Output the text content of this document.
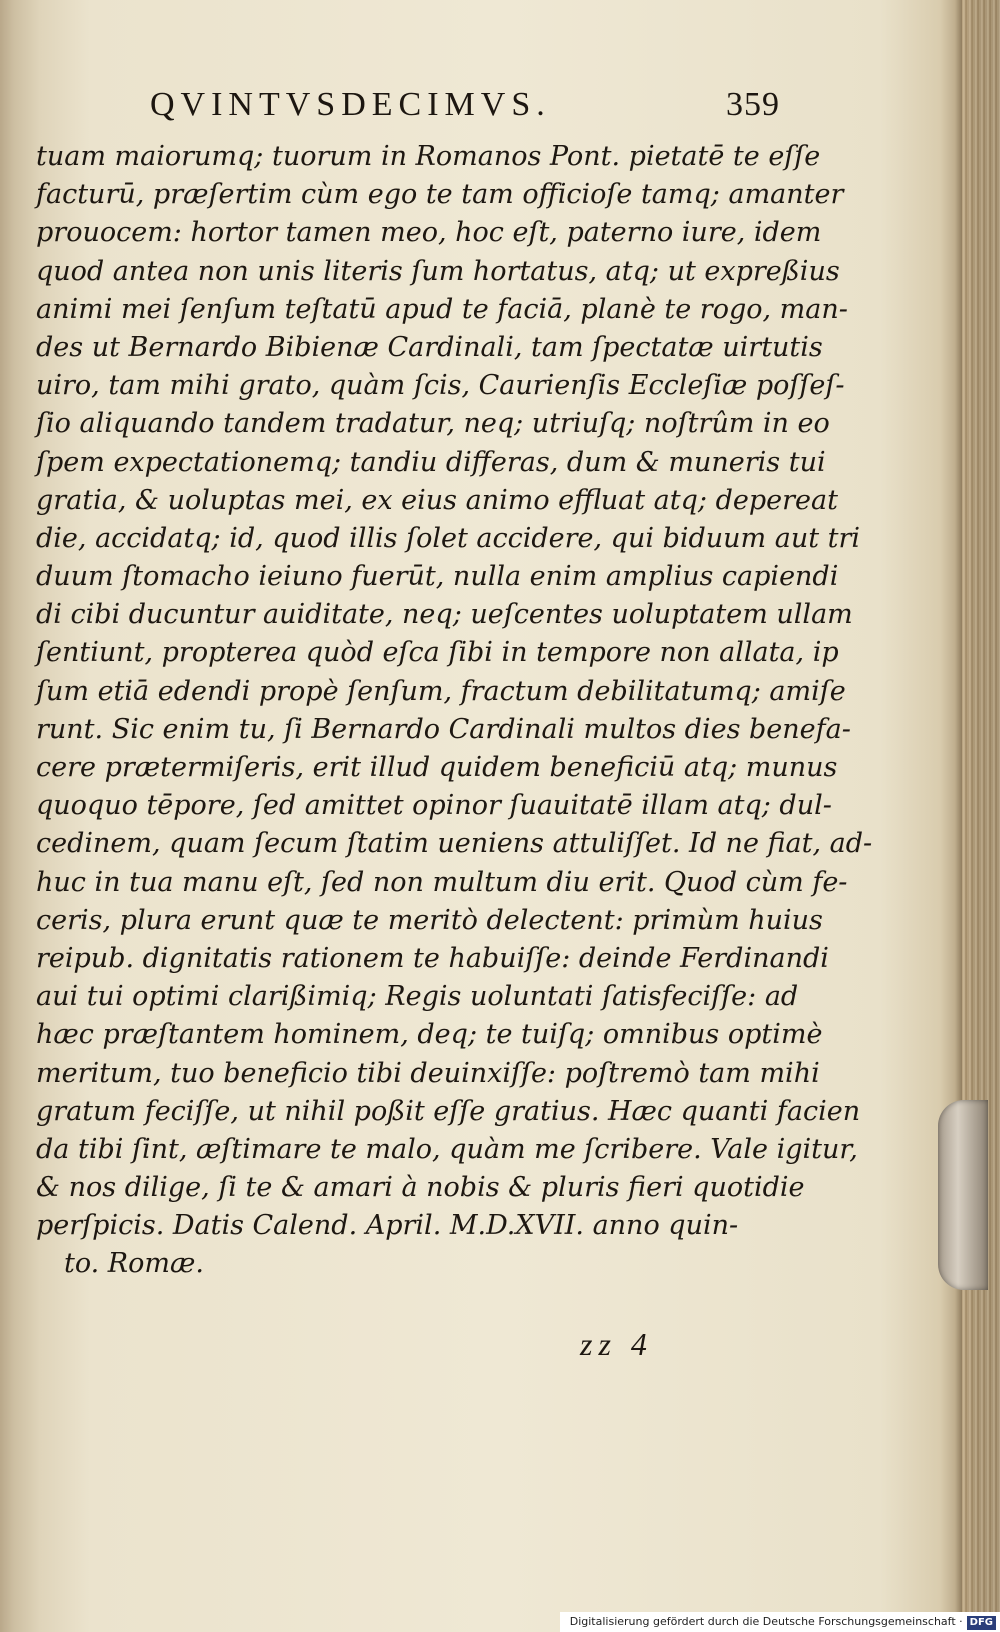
QVINTVSDECIMVS.	359
tuam maiorumq; tuorum in Romanos Pont. pietatē te eſſe
facturū, præſertim cùm ego te tam officioſe tamq; amanter
prouocem: hortor tamen meo, hoc eſt, paterno iure, idem
quod antea non unis literis ſum hortatus, atq; ut expreßius
animi mei ſenſum teſtatū apud te faciā, planè te rogo, man-
des ut Bernardo Bibienæ Cardinali, tam ſpectatæ uirtutis
uiro, tam mihi grato, quàm ſcis, Caurienſis Eccleſiæ poſſeſ-
ſio aliquando tandem tradatur, neq; utriuſq; noſtrûm in eo
ſpem expectationemq; tandiu differas, dum & muneris tui
gratia, & uoluptas mei, ex eius animo effluat atq; depereat
die, accidatq; id, quod illis ſolet accidere, qui biduum aut tri
duum ſtomacho ieiuno fuerūt, nulla enim amplius capiendi
di cibi ducuntur auiditate, neq; ueſcentes uoluptatem ullam
ſentiunt, propterea quòd eſca ſibi in tempore non allata, ip
ſum etiā edendi propè ſenſum, fractum debilitatumq; amiſe
runt. Sic enim tu, ſi Bernardo Cardinali multos dies benefa-
cere prætermiſeris, erit illud quidem beneficiū atq; munus
quoquo tēpore, ſed amittet opinor ſuauitatē illam atq; dul-
cedinem, quam ſecum ſtatim ueniens attuliſſet. Id ne fiat, ad-
huc in tua manu eſt, ſed non multum diu erit. Quod cùm fe-
ceris, plura erunt quæ te meritò delectent: primùm huius
reipub. dignitatis rationem te habuiſſe: deinde Ferdinandi
aui tui optimi clarißimiq; Regis uoluntati ſatisfeciſſe: ad
hæc præſtantem hominem, deq; te tuiſq; omnibus optimè
meritum, tuo beneficio tibi deuinxiſſe: poſtremò tam mihi
gratum feciſſe, ut nihil poßit eſſe gratius. Hæc quanti facien
da tibi ſint, æſtimare te malo, quàm me ſcribere. Vale igitur,
& nos dilige, ſi te & amari à nobis & pluris fieri quotidie
perſpicis. Datis Calend. April. M.D.XVII. anno quin-
to. Romæ.
zz 4
Digitalisierung gefördert durch die Deutsche Forschungsgemeinschaft · DFG
